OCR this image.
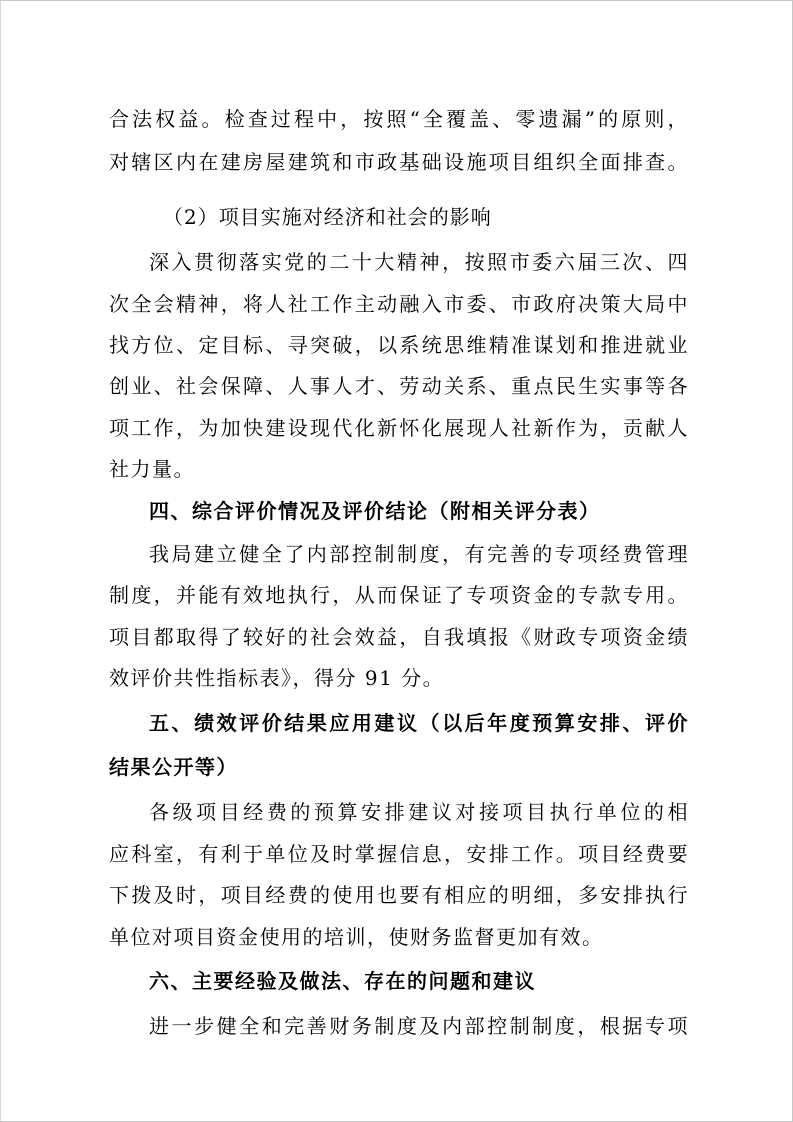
合法权益。检查过程中，按照“全覆盖、零遗漏”的原则，
对辖区内在建房屋建筑和市政基础设施项目组织全面排查。
（2）项目实施对经济和社会的影响
深入贯彻落实党的二十大精神，按照市委六届三次、四
次全会精神，将人社工作主动融入市委、市政府决策大局中
找方位、定目标、寻突破，以系统思维精准谋划和推进就业
创业、社会保障、人事人才、劳动关系、重点民生实事等各
项工作，为加快建设现代化新怀化展现人社新作为，贡献人
社力量。
四、综合评价情况及评价结论（附相关评分表）
我局建立健全了内部控制制度，有完善的专项经费管理
制度，并能有效地执行，从而保证了专项资金的专款专用。
项目都取得了较好的社会效益，自我填报《财政专项资金绩
效评价共性指标表》，得分 91 分。
五、绩效评价结果应用建议（以后年度预算安排、评价
结果公开等）
各级项目经费的预算安排建议对接项目执行单位的相
应科室，有利于单位及时掌握信息，安排工作。项目经费要
下拨及时，项目经费的使用也要有相应的明细，多安排执行
单位对项目资金使用的培训，使财务监督更加有效。
六、主要经验及做法、存在的问题和建议
进一步健全和完善财务制度及内部控制制度，根据专项
